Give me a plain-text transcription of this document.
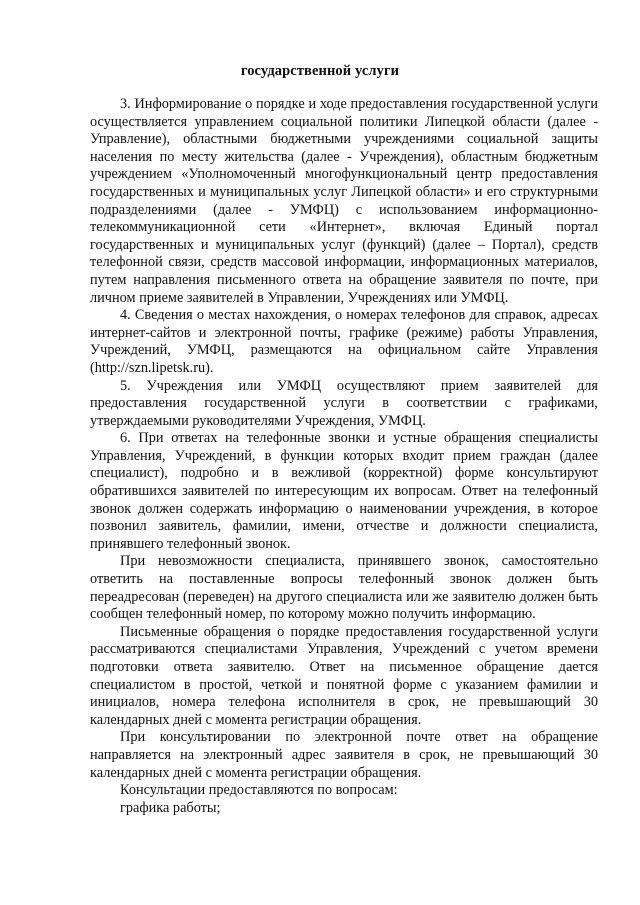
государственной услуги

3. Информирование о порядке и ходе предоставления государственной услуги осуществляется управлением социальной политики Липецкой области (далее - Управление), областными бюджетными учреждениями социальной защиты населения по месту жительства (далее - Учреждения), областным бюджетным учреждением «Уполномоченный многофункциональный центр предоставления государственных и муниципальных услуг Липецкой области» и его структурными подразделениями (далее - УМФЦ) с использованием информационно-телекоммуникационной сети «Интернет», включая Единый портал государственных и муниципальных услуг (функций) (далее – Портал), средств телефонной связи, средств массовой информации, информационных материалов, путем направления письменного ответа на обращение заявителя по почте, при личном приеме заявителей в Управлении, Учреждениях или УМФЦ.

4. Сведения о местах нахождения, о номерах телефонов для справок, адресах интернет-сайтов и электронной почты, графике (режиме) работы Управления, Учреждений, УМФЦ, размещаются на официальном сайте Управления (http://szn.lipetsk.ru).

5. Учреждения или УМФЦ осуществляют прием заявителей для предоставления государственной услуги в соответствии с графиками, утверждаемыми руководителями Учреждения, УМФЦ.

6. При ответах на телефонные звонки и устные обращения специалисты Управления, Учреждений, в функции которых входит прием граждан (далее специалист), подробно и в вежливой (корректной) форме консультируют обратившихся заявителей по интересующим их вопросам. Ответ на телефонный звонок должен содержать информацию о наименовании учреждения, в которое позвонил заявитель, фамилии, имени, отчестве и должности специалиста, принявшего телефонный звонок.

При невозможности специалиста, принявшего звонок, самостоятельно ответить на поставленные вопросы телефонный звонок должен быть переадресован (переведен) на другого специалиста или же заявителю должен быть сообщен телефонный номер, по которому можно получить информацию.

Письменные обращения о порядке предоставления государственной услуги рассматриваются специалистами Управления, Учреждений с учетом времени подготовки ответа заявителю. Ответ на письменное обращение дается специалистом в простой, четкой и понятной форме с указанием фамилии и инициалов, номера телефона исполнителя в срок, не превышающий 30 календарных дней с момента регистрации обращения.

При консультировании по электронной почте ответ на обращение направляется на электронный адрес заявителя в срок, не превышающий 30 календарных дней с момента регистрации обращения.

Консультации предоставляются по вопросам:

графика работы;
